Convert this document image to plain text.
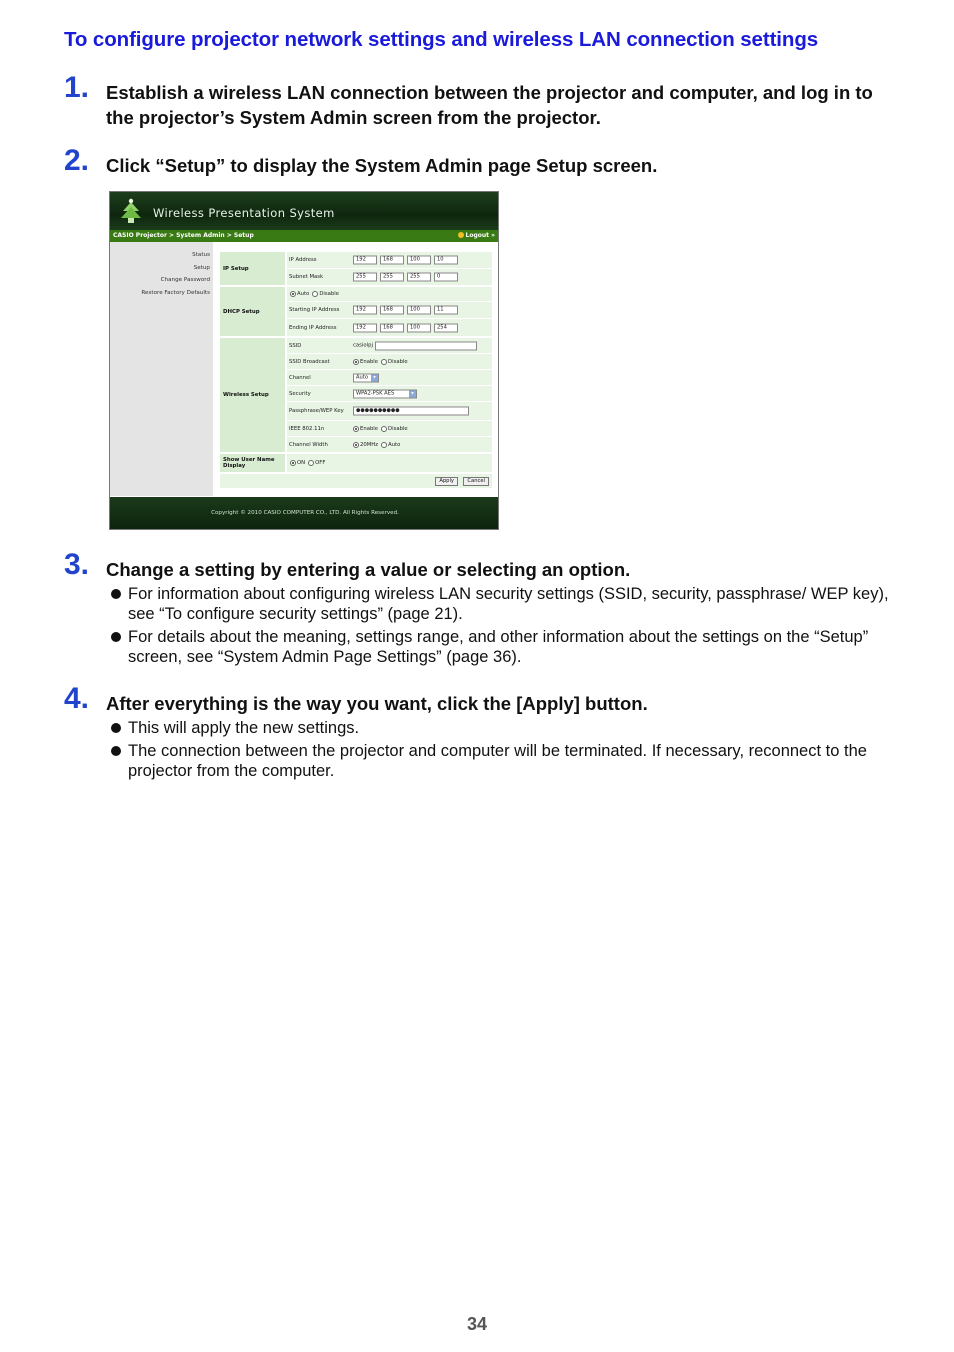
To configure projector network settings and wireless LAN connection settings
1. Establish a wireless LAN connection between the projector and computer, and log in to the projector’s System Admin screen from the projector.
2. Click “Setup” to display the System Admin page Setup screen.
Wireless Presentation System
CASIO Projector > System Admin > Setup	Logout »
Status
Setup
Change Password
Restore Factory Defaults
IP Setup
IP Address	192	168	100	10
Subnet Mask	255	255	255	0
DHCP Setup
Auto Disable
Starting IP Address	192	168	100	11
Ending IP Address	192	168	100	254
Wireless Setup
SSID	casiolpj
SSID Broadcast	Enable Disable
Channel	Auto	▾
Security	WPA2-PSK AES	▾
Passphrase/WEP Key	●●●●●●●●●●
IEEE 802.11n	Enable Disable
Channel Width	20MHz Auto
Show User Name Display	ON OFF
Apply	Cancel
Copyright © 2010 CASIO COMPUTER CO., LTD. All Rights Reserved.
3. Change a setting by entering a value or selecting an option.
For information about configuring wireless LAN security settings (SSID, security, passphrase/ WEP key), see “To configure security settings” (page 21).
For details about the meaning, settings range, and other information about the settings on the “Setup” screen, see “System Admin Page Settings” (page 36).
4. After everything is the way you want, click the [Apply] button.
This will apply the new settings.
The connection between the projector and computer will be terminated. If necessary, reconnect to the projector from the computer.
34
